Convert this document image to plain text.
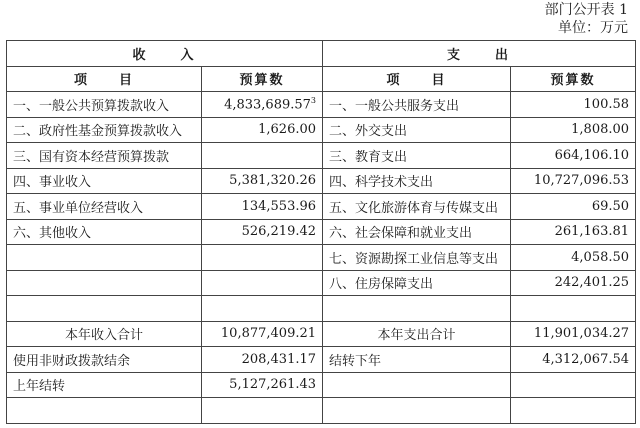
部门公开表 1
单位：万元
收　　入		支　　出	
项　　目	预算数	项　　目	预算数
一、一般公共预算拨款收入	4,833,689.57$^3$	一、一般公共服务支出	100.58
二、政府性基金预算拨款收入	1,626.00	二、外交支出	1,808.00
三、国有资本经营预算拨款		三、教育支出	664,106.10
四、事业收入	5,381,320.26	四、科学技术支出	10,727,096.53
五、事业单位经营收入	134,553.96	五、文化旅游体育与传媒支出	69.50
六、其他收入	526,219.42	六、社会保障和就业支出	261,163.81
		七、资源勘探工业信息等支出	4,058.50
		八、住房保障支出	242,401.25

本年收入合计	10,877,409.21	本年支出合计	11,901,034.27
使用非财政拨款结余	208,431.17	结转下年	4,312,067.54
上年结转	5,127,261.43		
